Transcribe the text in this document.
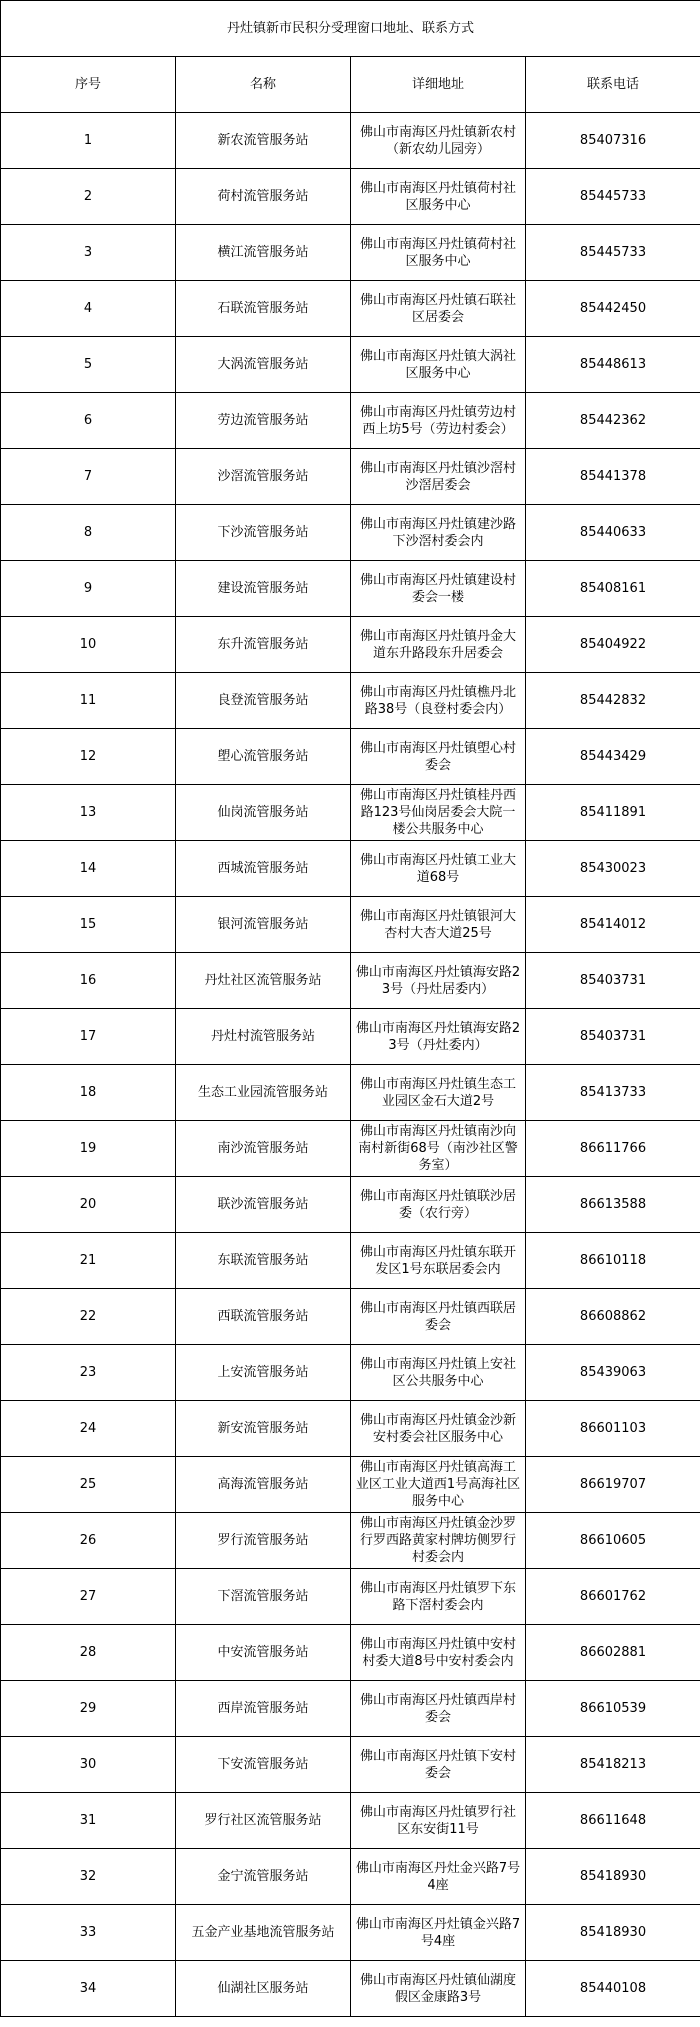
丹灶镇新市民积分受理窗口地址、联系方式			
序号	名称	详细地址	联系电话
1	新农流管服务站	佛山市南海区丹灶镇新农村（新农幼儿园旁）	85407316
2	荷村流管服务站	佛山市南海区丹灶镇荷村社区服务中心	85445733
3	横江流管服务站	佛山市南海区丹灶镇荷村社区服务中心	85445733
4	石联流管服务站	佛山市南海区丹灶镇石联社区居委会	85442450
5	大涡流管服务站	佛山市南海区丹灶镇大涡社区服务中心	85448613
6	劳边流管服务站	佛山市南海区丹灶镇劳边村西上坊5号（劳边村委会）	85442362
7	沙滘流管服务站	佛山市南海区丹灶镇沙滘村沙滘居委会	85441378
8	下沙流管服务站	佛山市南海区丹灶镇建沙路下沙滘村委会内	85440633
9	建设流管服务站	佛山市南海区丹灶镇建设村委会一楼	85408161
10	东升流管服务站	佛山市南海区丹灶镇丹金大道东升路段东升居委会	85404922
11	良登流管服务站	佛山市南海区丹灶镇樵丹北路38号（良登村委会内）	85442832
12	塱心流管服务站	佛山市南海区丹灶镇塱心村委会	85443429
13	仙岗流管服务站	佛山市南海区丹灶镇桂丹西路123号仙岗居委会大院一楼公共服务中心	85411891
14	西城流管服务站	佛山市南海区丹灶镇工业大道68号	85430023
15	银河流管服务站	佛山市南海区丹灶镇银河大杏村大杏大道25号	85414012
16	丹灶社区流管服务站	佛山市南海区丹灶镇海安路23号（丹灶居委内）	85403731
17	丹灶村流管服务站	佛山市南海区丹灶镇海安路23号（丹灶委内）	85403731
18	生态工业园流管服务站	佛山市南海区丹灶镇生态工业园区金石大道2号	85413733
19	南沙流管服务站	佛山市南海区丹灶镇南沙向南村新街68号（南沙社区警务室）	86611766
20	联沙流管服务站	佛山市南海区丹灶镇联沙居委（农行旁）	86613588
21	东联流管服务站	佛山市南海区丹灶镇东联开发区1号东联居委会内	86610118
22	西联流管服务站	佛山市南海区丹灶镇西联居委会	86608862
23	上安流管服务站	佛山市南海区丹灶镇上安社区公共服务中心	85439063
24	新安流管服务站	佛山市南海区丹灶镇金沙新安村委会社区服务中心	86601103
25	高海流管服务站	佛山市南海区丹灶镇高海工业区工业大道西1号高海社区服务中心	86619707
26	罗行流管服务站	佛山市南海区丹灶镇金沙罗行罗西路黄家村牌坊侧罗行村委会内	86610605
27	下滘流管服务站	佛山市南海区丹灶镇罗下东路下滘村委会内	86601762
28	中安流管服务站	佛山市南海区丹灶镇中安村村委大道8号中安村委会内	86602881
29	西岸流管服务站	佛山市南海区丹灶镇西岸村委会	86610539
30	下安流管服务站	佛山市南海区丹灶镇下安村委会	85418213
31	罗行社区流管服务站	佛山市南海区丹灶镇罗行社区东安街11号	86611648
32	金宁流管服务站	佛山市南海区丹灶金兴路7号4座	85418930
33	五金产业基地流管服务站	佛山市南海区丹灶镇金兴路7号4座	85418930
34	仙湖社区服务站	佛山市南海区丹灶镇仙湖度假区金康路3号	85440108
